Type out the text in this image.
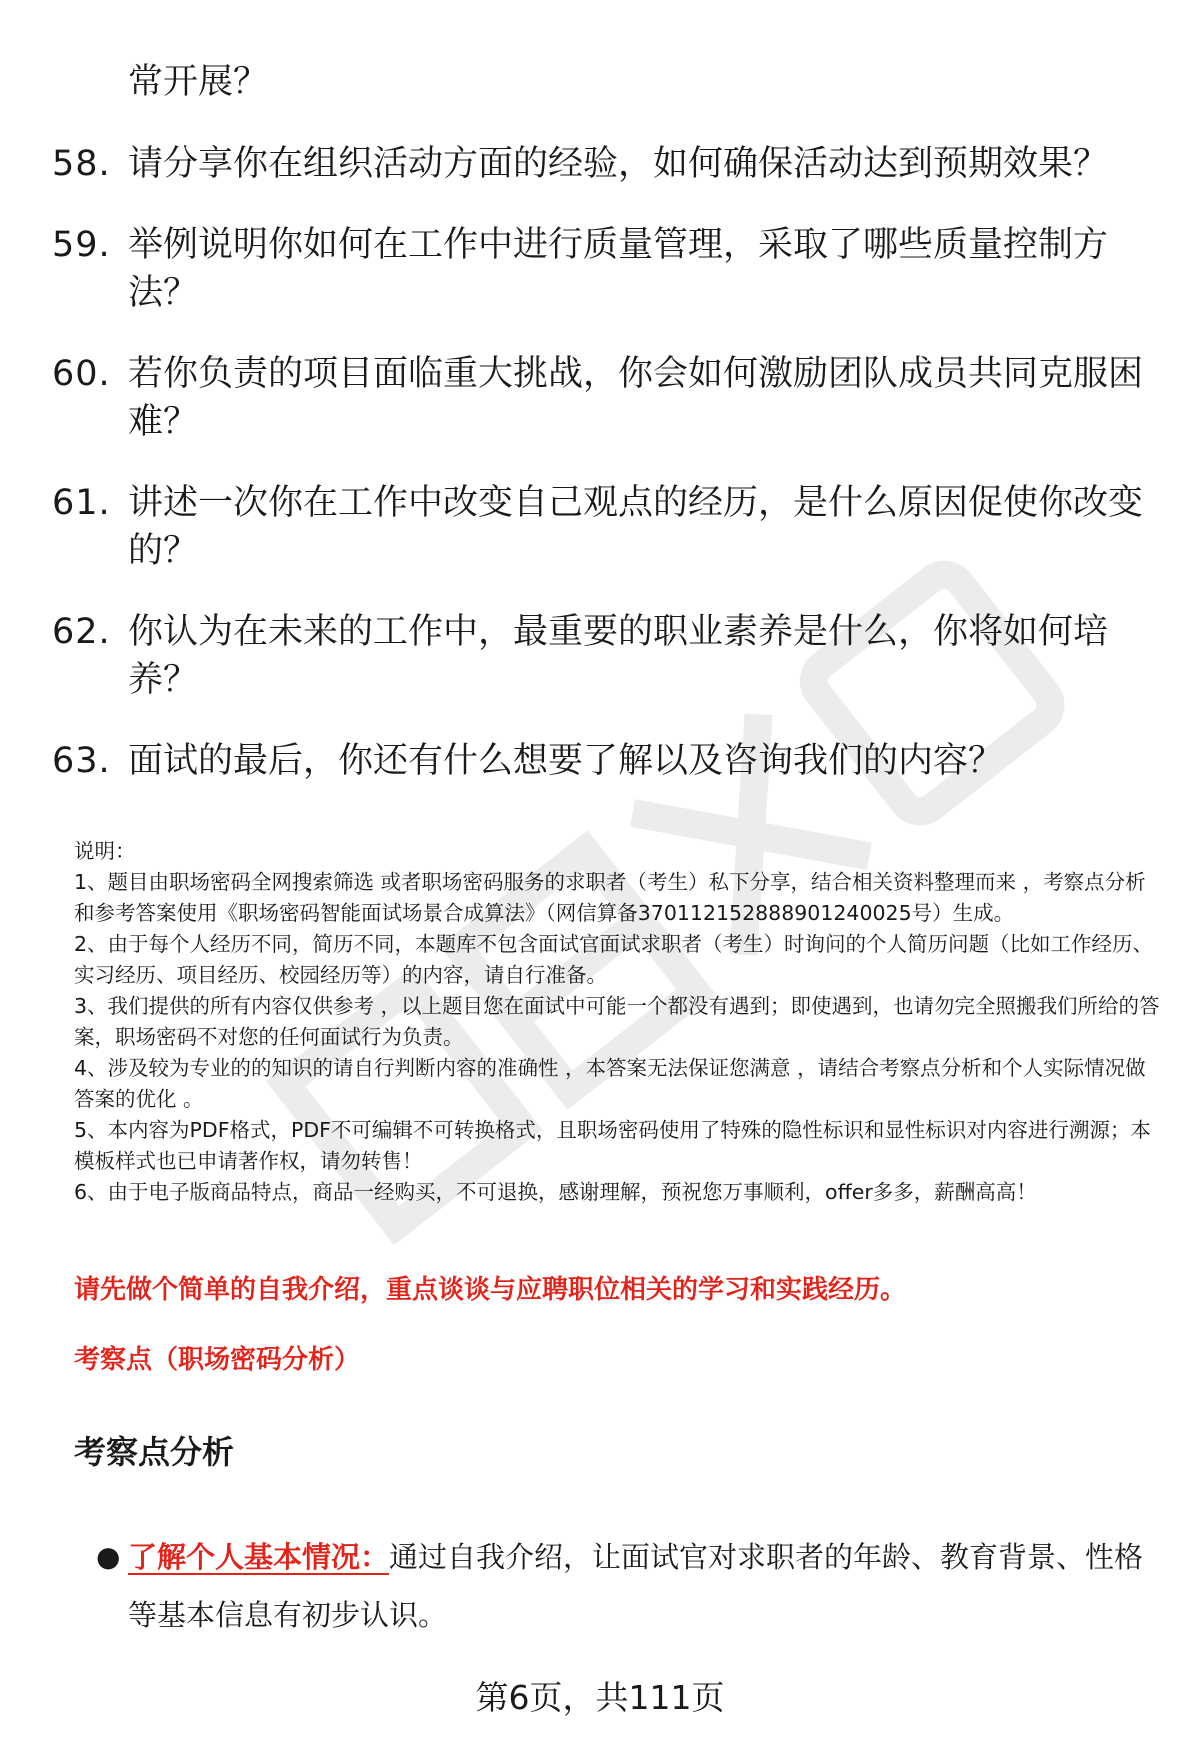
常开展？
58. 请分享你在组织活动方面的经验，如何确保活动达到预期效果？
59. 举例说明你如何在工作中进行质量管理，采取了哪些质量控制方法？
60. 若你负责的项目面临重大挑战，你会如何激励团队成员共同克服困难？
61. 讲述一次你在工作中改变自己观点的经历，是什么原因促使你改变的？
62. 你认为在未来的工作中，最重要的职业素养是什么，你将如何培养？
63. 面试的最后，你还有什么想要了解以及咨询我们的内容？

说明：

1、题目由职场密码全网搜索筛选 或者职场密码服务的求职者（考生）私下分享，结合相关资料整理而来 ，考察点分析和参考答案使用《职场密码智能面试场景合成算法》（网信算备370112152888901240025号）生成。

2、由于每个人经历不同，简历不同，本题库不包含面试官面试求职者（考生）时询问的个人简历问题（比如工作经历、实习经历、项目经历、校园经历等）的内容，请自行准备。

3、我们提供的所有内容仅供参考 ，以上题目您在面试中可能一个都没有遇到；即使遇到，也请勿完全照搬我们所给的答案，职场密码不对您的任何面试行为负责。

4、涉及较为专业的的知识的请自行判断内容的准确性 ，本答案无法保证您满意 ，请结合考察点分析和个人实际情况做答案的优化 。

5、本内容为PDF格式，PDF不可编辑不可转换格式，且职场密码使用了特殊的隐性标识和显性标识对内容进行溯源；本模板样式也已申请著作权，请勿转售！

6、由于电子版商品特点，商品一经购买，不可退换，感谢理解，预祝您万事顺利，offer多多，薪酬高高！

请先做个简单的自我介绍，重点谈谈与应聘职位相关的学习和实践经历。
考察点（职场密码分析）
考察点分析
● 了解个人基本情况：通过自我介绍，让面试官对求职者的年龄、教育背景、性格等基本信息有初步认识。
第6页，共111页
